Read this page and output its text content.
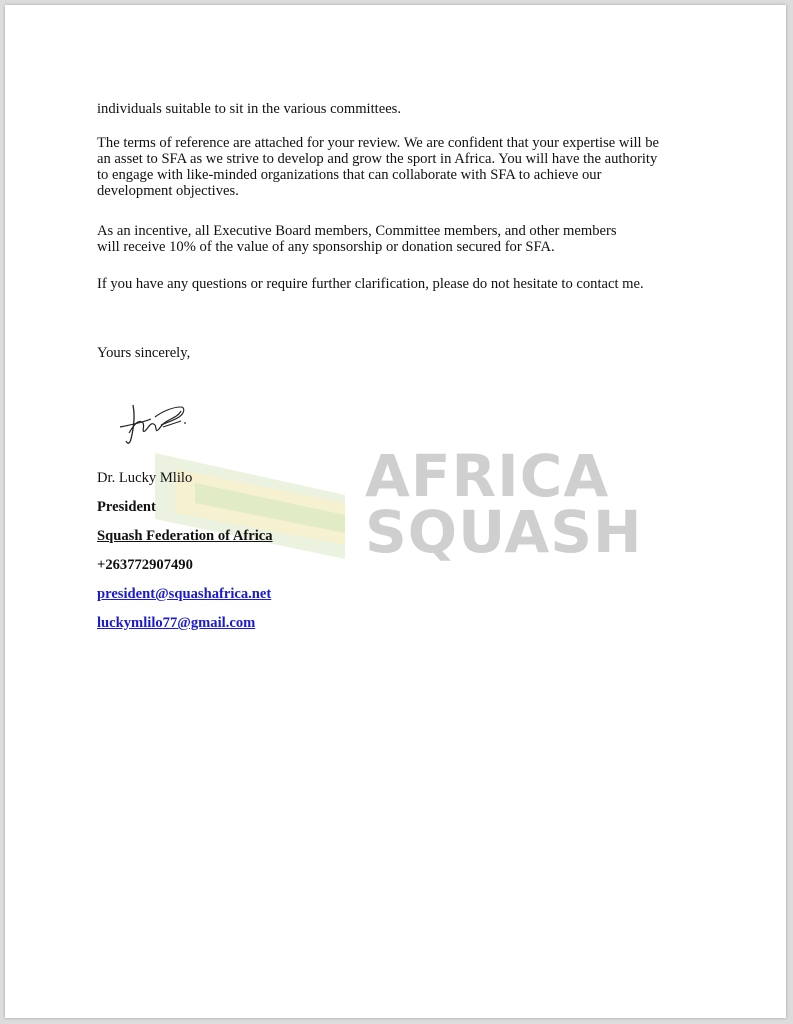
AFRICA
SQUASH

individuals suitable to sit in the various committees.

The terms of reference are attached for your review. We are confident that your expertise will be
an asset to SFA as we strive to develop and grow the sport in Africa. You will have the authority
to engage with like-minded organizations that can collaborate with SFA to achieve our
development objectives.

As an incentive, all Executive Board members, Committee members, and other members
will receive 10% of the value of any sponsorship or donation secured for SFA.

If you have any questions or require further clarification, please do not hesitate to contact me.

Yours sincerely,

Dr. Lucky Mlilo

President

Squash Federation of Africa

+263772907490

president@squashafrica.net

luckymlilo77@gmail.com
